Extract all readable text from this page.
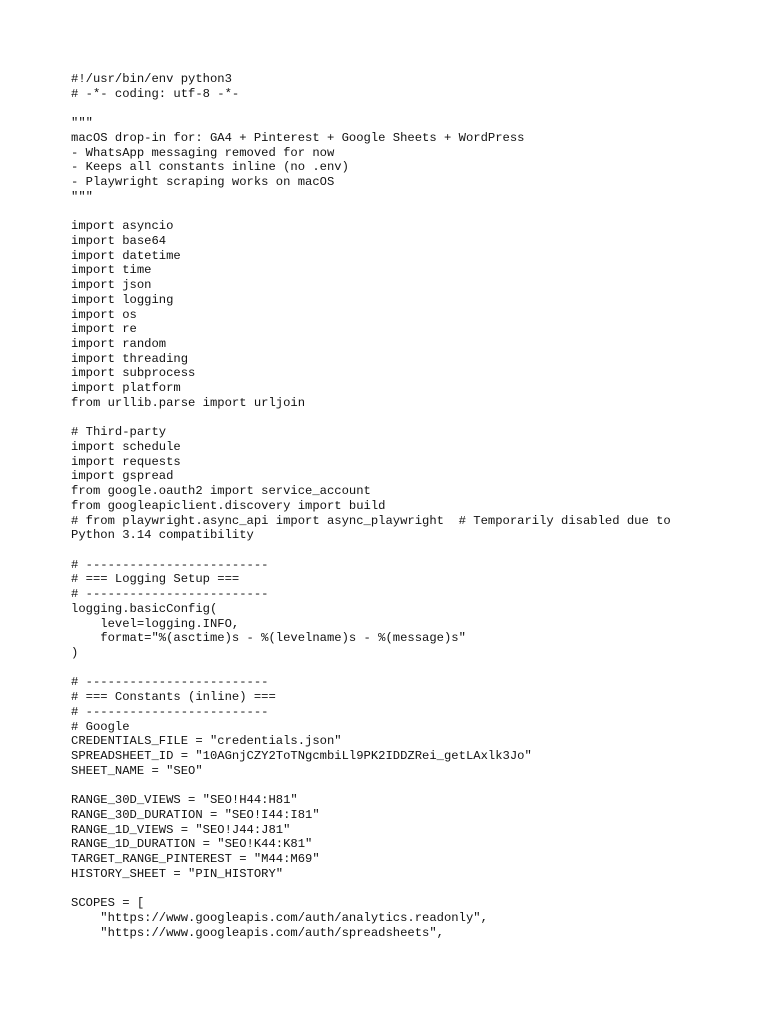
#!/usr/bin/env python3
# -*- coding: utf-8 -*-
"""
macOS drop-in for: GA4 + Pinterest + Google Sheets + WordPress
- WhatsApp messaging removed for now
- Keeps all constants inline (no .env)
- Playwright scraping works on macOS
"""
import asyncio
import base64
import datetime
import time
import json
import logging
import os
import re
import random
import threading
import subprocess
import platform
from urllib.parse import urljoin
# Third-party
import schedule
import requests
import gspread
from google.oauth2 import service_account
from googleapiclient.discovery import build
# from playwright.async_api import async_playwright  # Temporarily disabled due to
Python 3.14 compatibility
# -------------------------
# === Logging Setup ===
# -------------------------
logging.basicConfig(
level=logging.INFO,
format="%(asctime)s - %(levelname)s - %(message)s"
)
# -------------------------
# === Constants (inline) ===
# -------------------------
# Google
CREDENTIALS_FILE = "credentials.json"
SPREADSHEET_ID = "10AGnjCZY2ToTNgcmbiLl9PK2IDDZRei_getLAxlk3Jo"
SHEET_NAME = "SEO"
RANGE_30D_VIEWS = "SEO!H44:H81"
RANGE_30D_DURATION = "SEO!I44:I81"
RANGE_1D_VIEWS = "SEO!J44:J81"
RANGE_1D_DURATION = "SEO!K44:K81"
TARGET_RANGE_PINTEREST = "M44:M69"
HISTORY_SHEET = "PIN_HISTORY"
SCOPES = [
"https://www.googleapis.com/auth/analytics.readonly",
"https://www.googleapis.com/auth/spreadsheets",
